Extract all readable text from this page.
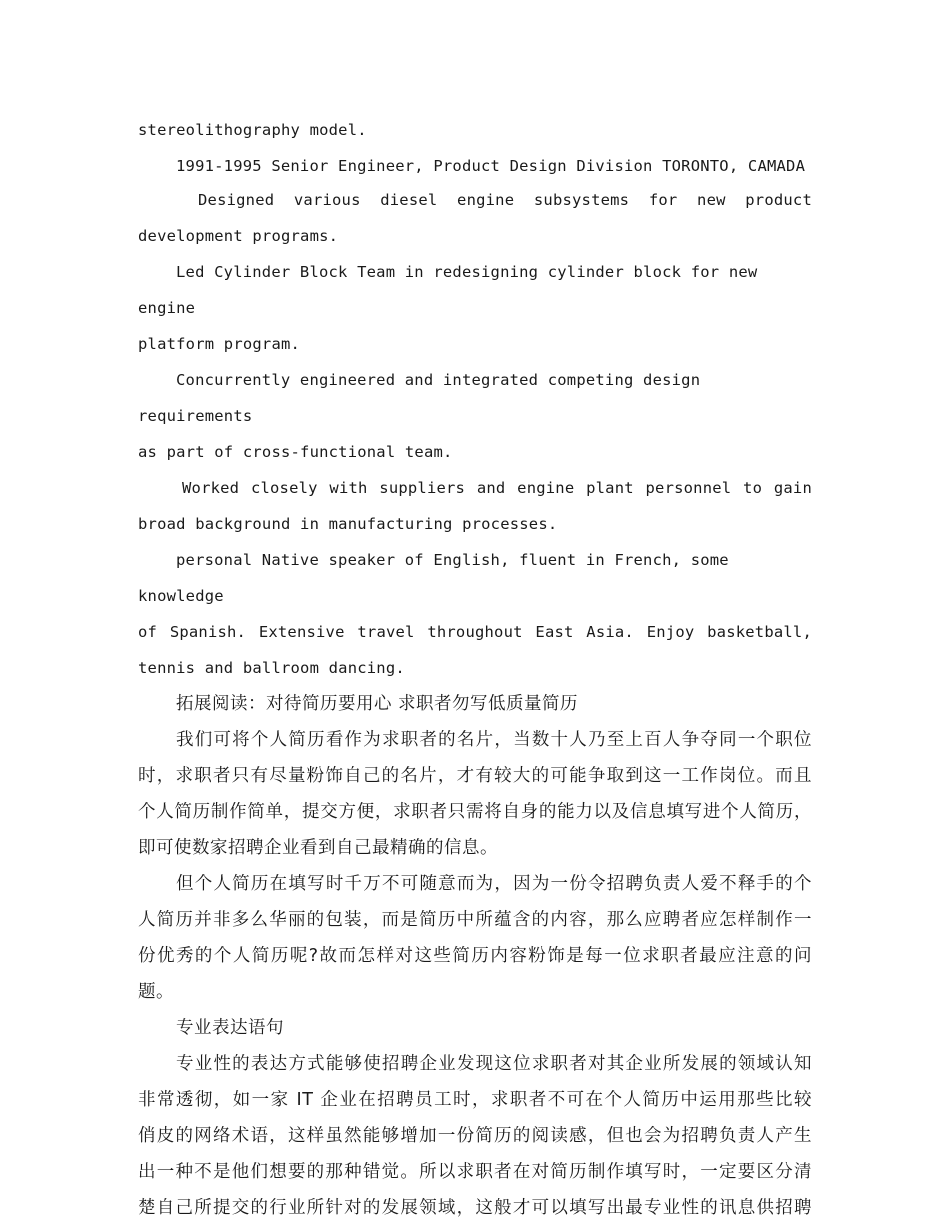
stereolithography model.
1991-1995 Senior Engineer, Product Design Division TORONTO, CAMADA
Designed various diesel engine subsystems for new product
development programs.
Led Cylinder Block Team in redesigning cylinder block for new engine
platform program.
Concurrently engineered and integrated competing design requirements
as part of cross-functional team.
Worked closely with suppliers and engine plant personnel to gain
broad background in manufacturing processes.
personal Native speaker of English, fluent in French, some knowledge
of Spanish. Extensive travel throughout East Asia. Enjoy basketball,
tennis and ballroom dancing.
拓展阅读：对待简历要用心 求职者勿写低质量简历
我们可将个人简历看作为求职者的名片，当数十人乃至上百人争夺同一个职位
时，求职者只有尽量粉饰自己的名片，才有较大的可能争取到这一工作岗位。而且
个人简历制作简单，提交方便，求职者只需将自身的能力以及信息填写进个人简历，
即可使数家招聘企业看到自己最精确的信息。
但个人简历在填写时千万不可随意而为，因为一份令招聘负责人爱不释手的个
人简历并非多么华丽的包装，而是简历中所蕴含的内容，那么应聘者应怎样制作一
份优秀的个人简历呢?故而怎样对这些简历内容粉饰是每一位求职者最应注意的问
题。
专业表达语句
专业性的表达方式能够使招聘企业发现这位求职者对其企业所发展的领域认知
非常透彻，如一家 IT 企业在招聘员工时，求职者不可在个人简历中运用那些比较
俏皮的网络术语，这样虽然能够增加一份简历的阅读感，但也会为招聘负责人产生
出一种不是他们想要的那种错觉。所以求职者在对简历制作填写时，一定要区分清
楚自己所提交的行业所针对的发展领域，这般才可以填写出最专业性的讯息供招聘
